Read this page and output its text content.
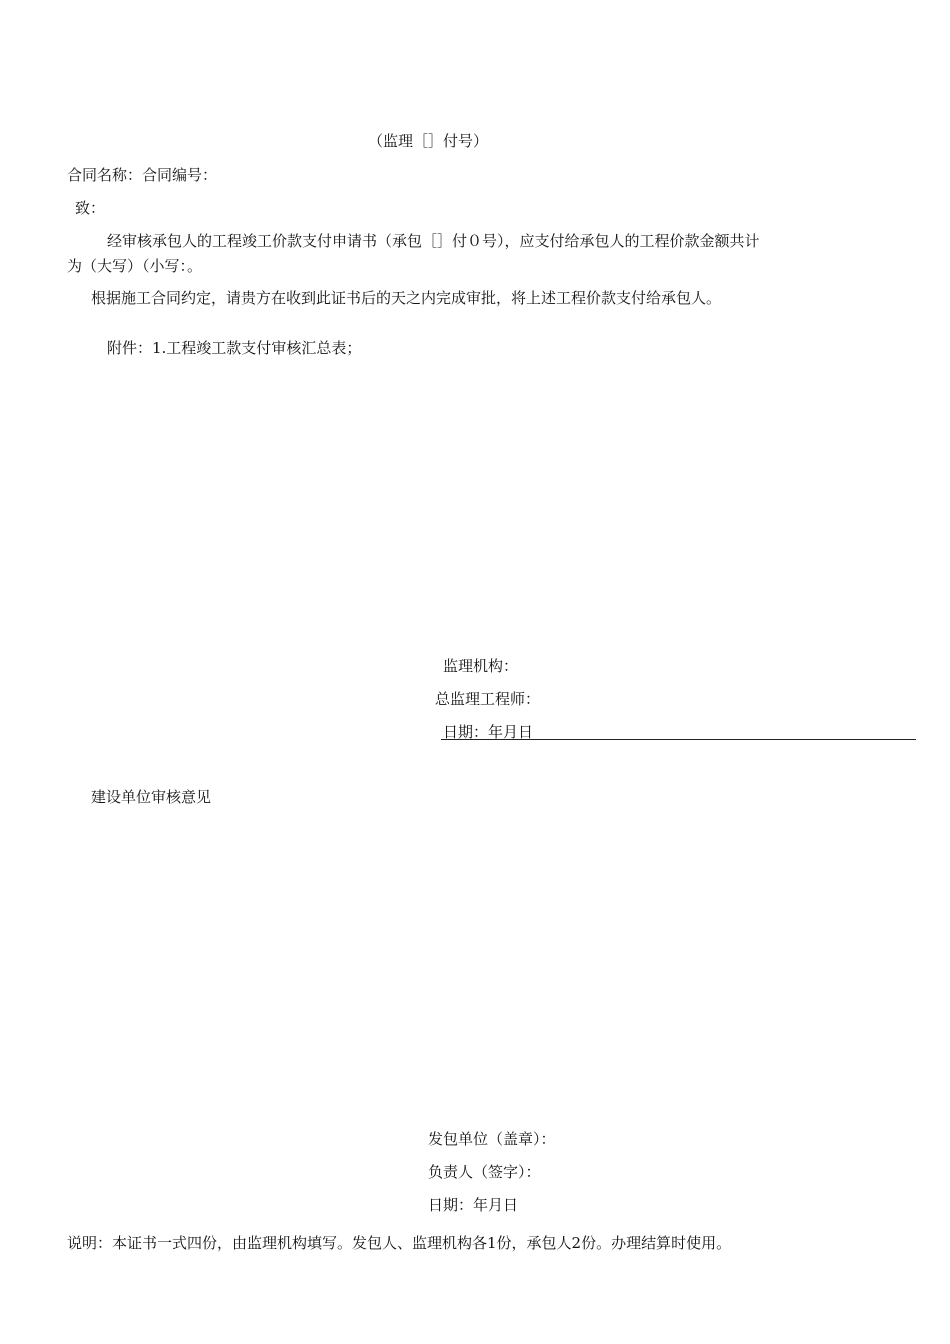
（监理［］付号）

合同名称：合同编号：

致：

经审核承包人的工程竣工价款支付申请书（承包［］付０号），应支付给承包人的工程价款金额共计

为（大写）（小写：。

根据施工合同约定，请贵方在收到此证书后的天之内完成审批，将上述工程价款支付给承包人。

附件：1.工程竣工款支付审核汇总表；

监理机构：

总监理工程师：

日期：年月日

建设单位审核意见

发包单位（盖章）：

负责人（签字）：

日期：年月日

说明：本证书一式四份，由监理机构填写。发包人、监理机构各1份，承包人2份。办理结算时使用。
